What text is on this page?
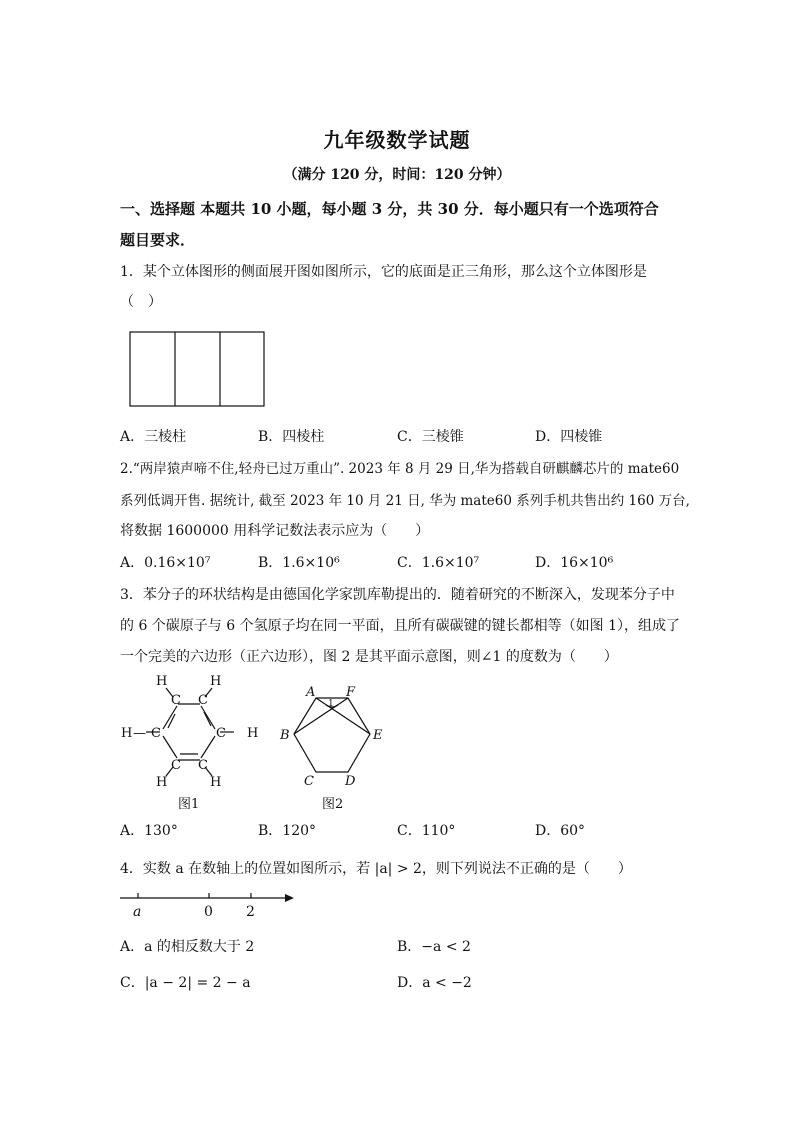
九年级数学试题
（满分 120 分，时间：120 分钟）
一、选择题 本题共 10 小题，每小题 3 分，共 30 分．每小题只有一个选项符合
题目要求．
1．某个立体图形的侧面展开图如图所示，它的底面是正三角形，那么这个立体图形是
（　）
A．三棱柱	B．四棱柱	C．三棱锥	D．四棱锥
2.“两岸猿声啼不住,轻舟已过万重山”. 2023 年 8 月 29 日,华为搭载自研麒麟芯片的 mate60
系列低调开售. 据统计, 截至 2023 年 10 月 21 日, 华为 mate60 系列手机共售出约 160 万台,
将数据 1600000 用科学记数法表示应为（　　）
A．0.16×10⁷	B．1.6×10⁶	C．1.6×10⁷	D．16×10⁶
3．苯分子的环状结构是由德国化学家凯库勒提出的．随着研究的不断深入，发现苯分子中
的 6 个碳原子与 6 个氢原子均在同一平面，且所有碳碳键的键长都相等（如图 1），组成了
一个完美的六边形（正六边形），图 2 是其平面示意图，则∠1 的度数为（　　）
H	H
C C
H — C	C H
C C
H	H
图1
A F
B	E
C D
1
图2
A．130°	B．120°	C．110°	D．60°
4．实数 a 在数轴上的位置如图所示，若 |a| > 2，则下列说法不正确的是（　　）
a	0 2
A．a 的相反数大于 2	B．−a < 2
C．|a − 2| = 2 − a	D．a < −2
